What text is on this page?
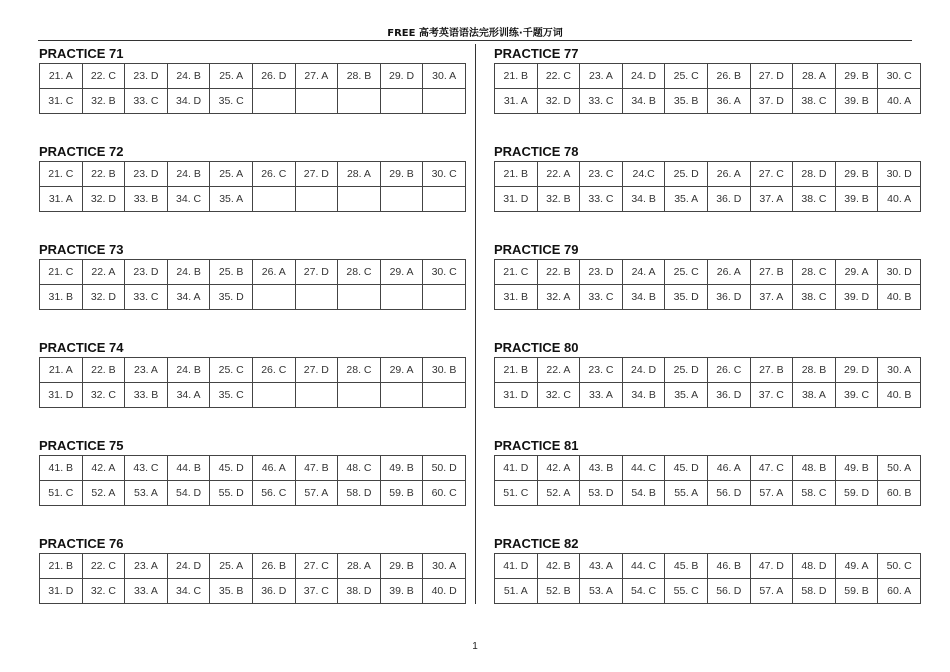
FREE 高考英语语法完形训练·千题万词
PRACTICE 71
21. A	22. C	23. D	24. B	25. A	26. D	27. A	28. B	29. D	30. A
31. C	32. B	33. C	34. D	35. C					
PRACTICE 72
21. C	22. B	23. D	24. B	25. A	26. C	27. D	28. A	29. B	30. C
31. A	32. D	33. B	34. C	35. A					
PRACTICE 73
21. C	22. A	23. D	24. B	25. B	26. A	27. D	28. C	29. A	30. C
31. B	32. D	33. C	34. A	35. D					
PRACTICE 74
21. A	22. B	23. A	24. B	25. C	26. C	27. D	28. C	29. A	30. B
31. D	32. C	33. B	34. A	35. C					
PRACTICE 75
41. B	42. A	43. C	44. B	45. D	46. A	47. B	48. C	49. B	50. D
51. C	52. A	53. A	54. D	55. D	56. C	57. A	58. D	59. B	60. C
PRACTICE 76
21. B	22. C	23. A	24. D	25. A	26. B	27. C	28. A	29. B	30. A
31. D	32. C	33. A	34. C	35. B	36. D	37. C	38. D	39. B	40. D
PRACTICE 77
21. B	22. C	23. A	24. D	25. C	26. B	27. D	28. A	29. B	30. C
31. A	32. D	33. C	34. B	35. B	36. A	37. D	38. C	39. B	40. A
PRACTICE 78
21. B	22. A	23. C	24.C	25. D	26. A	27. C	28. D	29. B	30. D
31. D	32. B	33. C	34. B	35. A	36. D	37. A	38. C	39. B	40. A
PRACTICE 79
21. C	22. B	23. D	24. A	25. C	26. A	27. B	28. C	29. A	30. D
31. B	32. A	33. C	34. B	35. D	36. D	37. A	38. C	39. D	40. B
PRACTICE 80
21. B	22. A	23. C	24. D	25. D	26. C	27. B	28. B	29. D	30. A
31. D	32. C	33. A	34. B	35. A	36. D	37. C	38. A	39. C	40. B
PRACTICE 81
41. D	42. A	43. B	44. C	45. D	46. A	47. C	48. B	49. B	50. A
51. C	52. A	53. D	54. B	55. A	56. D	57. A	58. C	59. D	60. B
PRACTICE 82
41. D	42. B	43. A	44. C	45. B	46. B	47. D	48. D	49. A	50. C
51. A	52. B	53. A	54. C	55. C	56. D	57. A	58. D	59. B	60. A
1
